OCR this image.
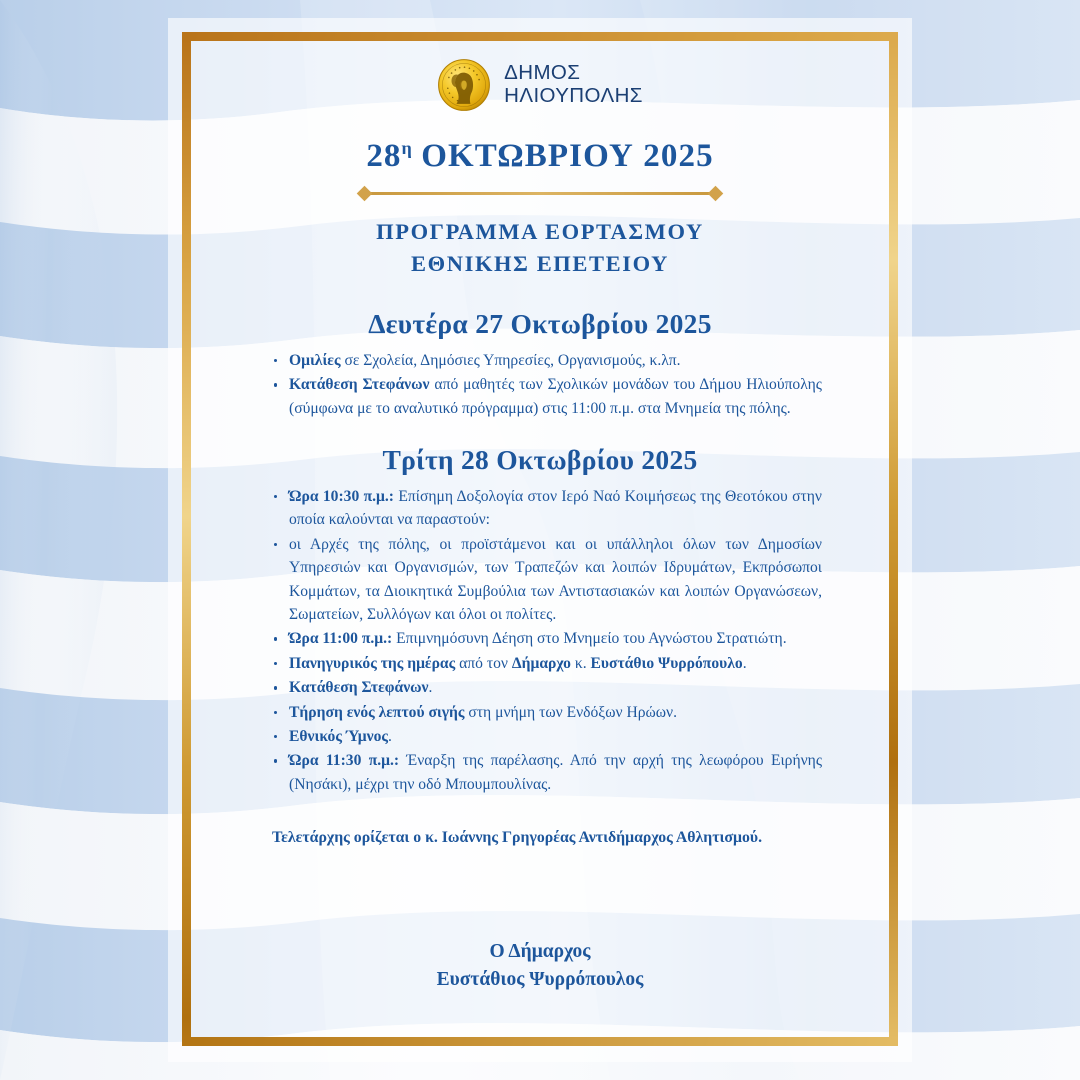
ΔΗΜΟΣ
ΗΛΙΟΥΠΟΛΗΣ
$28^\eta$ ΟΚΤΩΒΡΙΟΥ 2025
ΠΡΟΓΡΑΜΜΑ ΕΟΡΤΑΣΜΟΥ
ΕΘΝΙΚΗΣ ΕΠΕΤΕΙΟΥ
Δευτέρα 27 Οκτωβρίου 2025
Ομιλίες σε Σχολεία, Δημόσιες Υπηρεσίες, Οργανισμούς, κ.λπ.
Κατάθεση Στεφάνων από μαθητές των Σχολικών μονάδων του Δήμου Ηλιούπολης (σύμφωνα με το αναλυτικό πρόγραμμα) στις 11:00 π.μ. στα Μνημεία της πόλης.
Τρίτη 28 Οκτωβρίου 2025
Ώρα 10:30 π.μ.: Επίσημη Δοξολογία στον Ιερό Ναό Κοιμήσεως της Θεοτόκου στην οποία καλούνται να παραστούν:
οι Αρχές της πόλης, οι προϊστάμενοι και οι υπάλληλοι όλων των Δημοσίων Υπηρεσιών και Οργανισμών, των Τραπεζών και λοιπών Ιδρυμάτων, Εκπρόσωποι Κομμάτων, τα Διοικητικά Συμβούλια των Αντιστασιακών και λοιπών Οργανώσεων, Σωματείων, Συλλόγων και όλοι οι πολίτες.
Ώρα 11:00 π.μ.: Επιμνημόσυνη Δέηση στο Μνημείο του Αγνώστου Στρατιώτη.
Πανηγυρικός της ημέρας από τον Δήμαρχο κ. Ευστάθιο Ψυρρόπουλο.
Κατάθεση Στεφάνων.
Τήρηση ενός λεπτού σιγής στη μνήμη των Ενδόξων Ηρώων.
Εθνικός Ύμνος.
Ώρα 11:30 π.μ.: Έναρξη της παρέλασης. Από την αρχή της λεωφόρου Ειρήνης (Νησάκι), μέχρι την οδό Μπουμπουλίνας.
Τελετάρχης ορίζεται ο κ. Ιωάννης Γρηγορέας Αντιδήμαρχος Αθλητισμού.
Ο Δήμαρχος
Ευστάθιος Ψυρρόπουλος
